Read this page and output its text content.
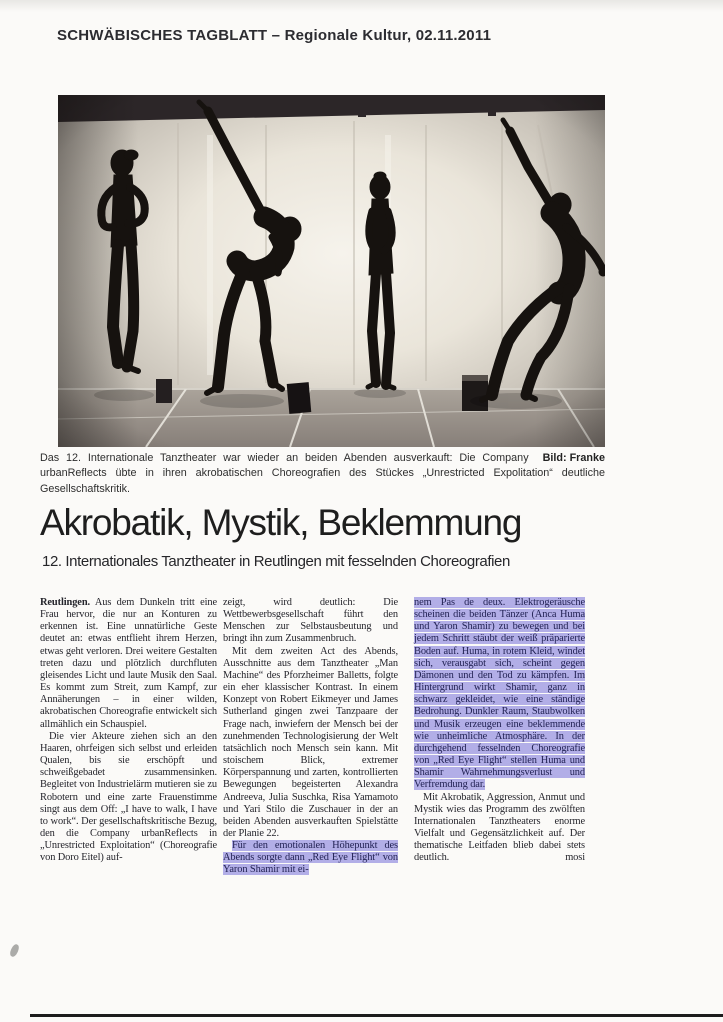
SCHWÄBISCHES TAGBLATT – Regionale Kultur, 02.11.2011

Bild: Franke
Das 12. Internationale Tanztheater war wieder an beiden Abenden ausverkauft: Die Company urbanReflects übte in ihren akrobatischen Choreografien des Stückes „Unrestricted Expolitation“ deutliche Gesellschaftskritik.

Akrobatik, Mystik, Beklemmung
12. Internationales Tanztheater in Reutlingen mit fesselnden Choreografien

Reutlingen. Aus dem Dunkeln tritt eine Frau hervor, die nur an Konturen zu erkennen ist. Eine unnatürliche Geste deutet an: etwas entflieht ihrem Herzen, etwas geht verloren. Drei weitere Gestalten treten dazu und plötzlich durchfluten gleisendes Licht und laute Musik den Saal. Es kommt zum Streit, zum Kampf, zur Annäherungen – in einer wilden, akrobatischen Choreografie entwickelt sich allmählich ein Schauspiel.

Die vier Akteure ziehen sich an den Haaren, ohrfeigen sich selbst und erleiden Qualen, bis sie erschöpft und schweißgebadet zusammensinken. Begleitet von Industrielärm mutieren sie zu Robotern und eine zarte Frauenstimme singt aus dem Off: „I have to walk, I have to work“. Der gesellschaftskritische Bezug, den die Company urbanReflects in „Unrestricted Exploitation“ (Choreografie von Doro Eitel) auf-

zeigt, wird deutlich: Die Wettbewerbsgesellschaft führt den Menschen zur Selbstausbeutung und bringt ihn zum Zusammenbruch.

Mit dem zweiten Act des Abends, Ausschnitte aus dem Tanztheater „Man Machine“ des Pforzheimer Balletts, folgte ein eher klassischer Kontrast. In einem Konzept von Robert Eikmeyer und James Sutherland gingen zwei Tanzpaare der Frage nach, inwiefern der Mensch bei der zunehmenden Technologisierung der Welt tatsächlich noch Mensch sein kann. Mit stoischem Blick, extremer Körperspannung und zarten, kontrollierten Bewegungen begeisterten Alexandra Andreeva, Julia Suschka, Risa Yamamoto und Yari Stilo die Zuschauer in der an beiden Abenden ausverkauften Spielstätte der Planie 22.

Für den emotionalen Höhepunkt des Abends sorgte dann „Red Eye Flight“ von Yaron Shamir mit ei-

nem Pas de deux. Elektrogeräusche scheinen die beiden Tänzer (Anca Huma und Yaron Shamir) zu bewegen und bei jedem Schritt stäubt der weiß präparierte Boden auf. Huma, in rotem Kleid, windet sich, verausgabt sich, scheint gegen Dämonen und den Tod zu kämpfen. Im Hintergrund wirkt Shamir, ganz in schwarz gekleidet, wie eine ständige Bedrohung. Dunkler Raum, Staubwolken und Musik erzeugen eine beklemmende wie unheimliche Atmosphäre. In der durchgehend fesselnden Choreografie von „Red Eye Flight“ stellen Huma und Shamir Wahrnehmungsverlust und Verfremdung dar.

Mit Akrobatik, Aggression, Anmut und Mystik wies das Programm des zwölften Internationalen Tanztheaters enorme Vielfalt und Gegensätzlichkeit auf. Der thematische Leitfaden blieb dabei stets deutlich.	mosi
